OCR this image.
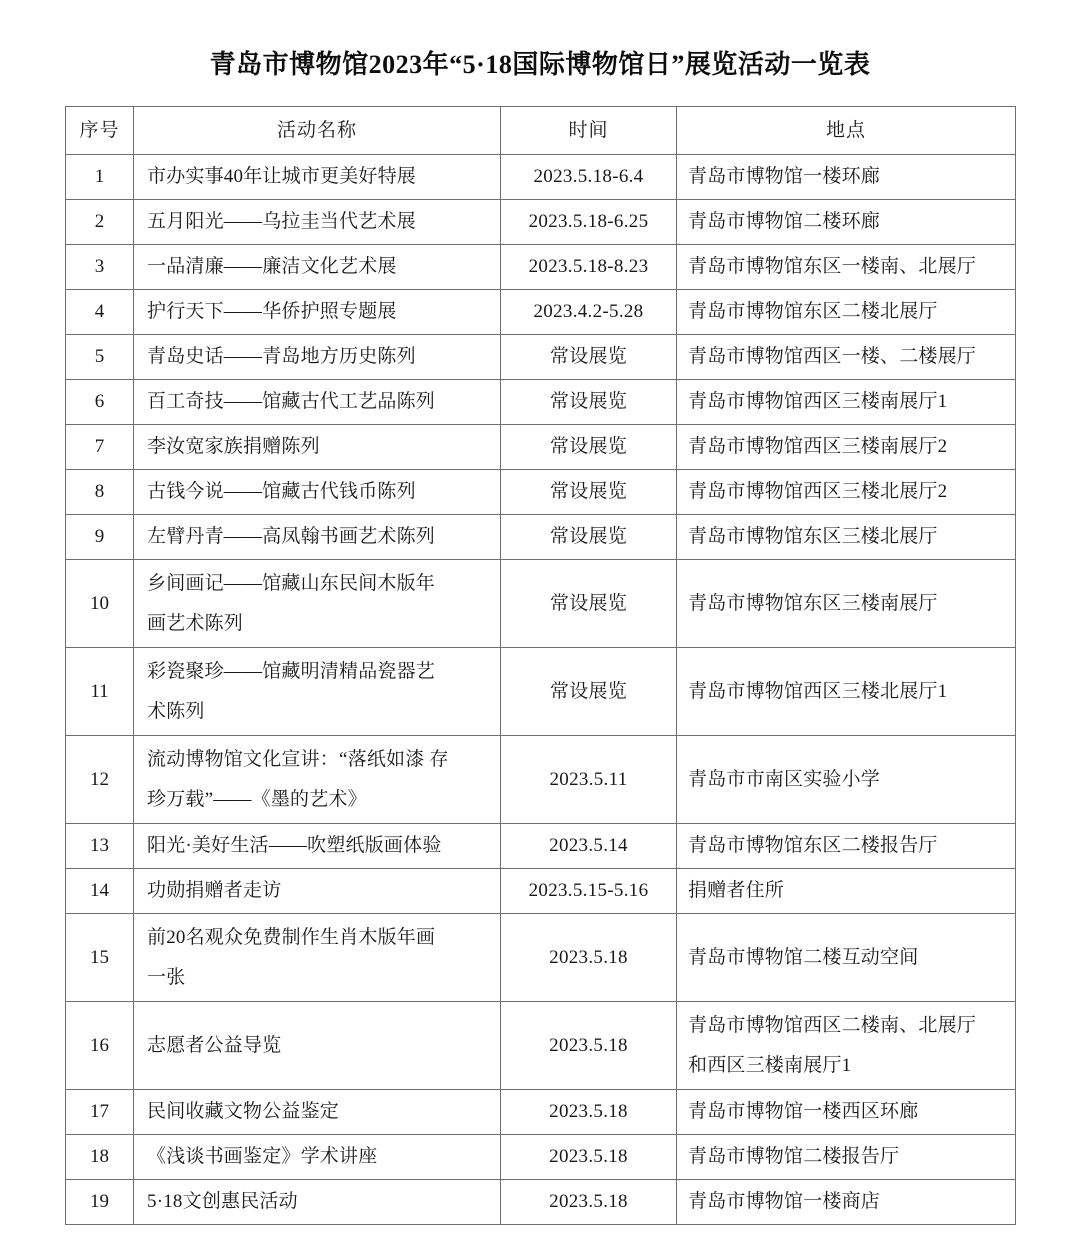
青岛市博物馆2023年“5·18国际博物馆日”展览活动一览表
序号	活动名称	时间	地点
1	市办实事40年让城市更美好特展	2023.5.18-6.4	青岛市博物馆一楼环廊
2	五月阳光——乌拉圭当代艺术展	2023.5.18-6.25	青岛市博物馆二楼环廊
3	一品清廉——廉洁文化艺术展	2023.5.18-8.23	青岛市博物馆东区一楼南、北展厅
4	护行天下——华侨护照专题展	2023.4.2-5.28	青岛市博物馆东区二楼北展厅
5	青岛史话——青岛地方历史陈列	常设展览	青岛市博物馆西区一楼、二楼展厅
6	百工奇技——馆藏古代工艺品陈列	常设展览	青岛市博物馆西区三楼南展厅1
7	李汝宽家族捐赠陈列	常设展览	青岛市博物馆西区三楼南展厅2
8	古钱今说——馆藏古代钱币陈列	常设展览	青岛市博物馆西区三楼北展厅2
9	左臂丹青——高凤翰书画艺术陈列	常设展览	青岛市博物馆东区三楼北展厅
10	乡间画记——馆藏山东民间木版年
画艺术陈列	常设展览	青岛市博物馆东区三楼南展厅
11	彩瓷聚珍——馆藏明清精品瓷器艺
术陈列	常设展览	青岛市博物馆西区三楼北展厅1
12	流动博物馆文化宣讲：“落纸如漆 存
珍万载”——《墨的艺术》	2023.5.11	青岛市市南区实验小学
13	阳光·美好生活——吹塑纸版画体验	2023.5.14	青岛市博物馆东区二楼报告厅
14	功勋捐赠者走访	2023.5.15-5.16	捐赠者住所
15	前20名观众免费制作生肖木版年画
一张	2023.5.18	青岛市博物馆二楼互动空间
16	志愿者公益导览	2023.5.18	青岛市博物馆西区二楼南、北展厅
和西区三楼南展厅1

17	民间收藏文物公益鉴定	2023.5.18	青岛市博物馆一楼西区环廊
18	《浅谈书画鉴定》学术讲座	2023.5.18	青岛市博物馆二楼报告厅
19	5·18文创惠民活动	2023.5.18	青岛市博物馆一楼商店
